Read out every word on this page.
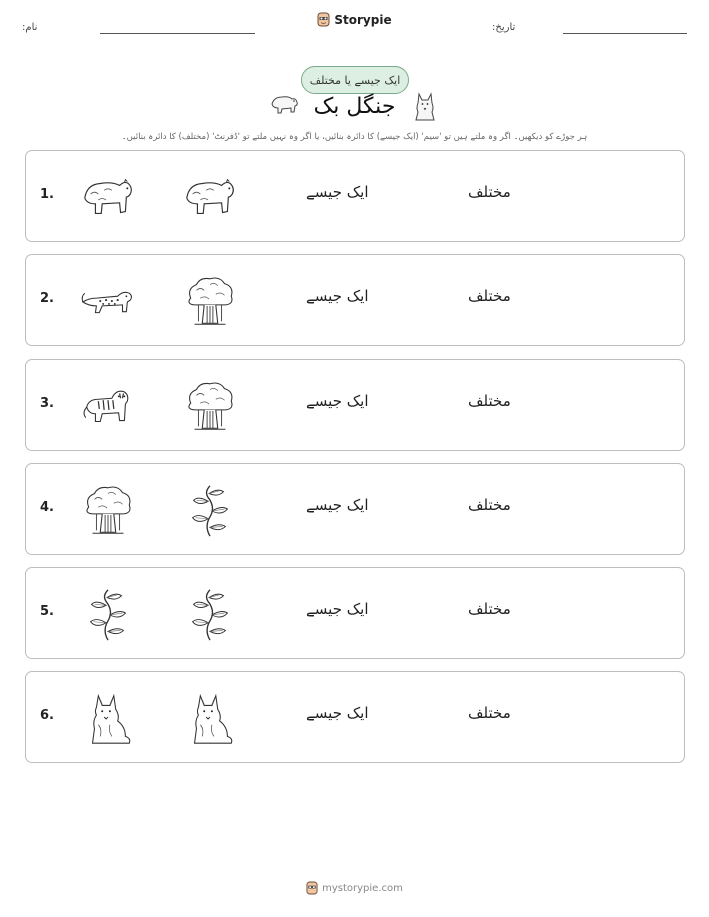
:نام	:تاریخ
Storypie
ایک جیسے یا مختلف
جنگل بک
ہر جوڑے کو دیکھیں۔ اگر وہ ملتے ہیں تو 'سیم' (ایک جیسے) کا دائرہ بنائیں، یا اگر وہ نہیں ملتے تو 'ڈفرنٹ' (مختلف) کا دائرہ بنائیں۔
1.	ایک جیسے	مختلف
2.	ایک جیسے	مختلف
3.	ایک جیسے	مختلف
4.	ایک جیسے	مختلف
5.	ایک جیسے	مختلف
6.	ایک جیسے	مختلف
mystorypie.com
